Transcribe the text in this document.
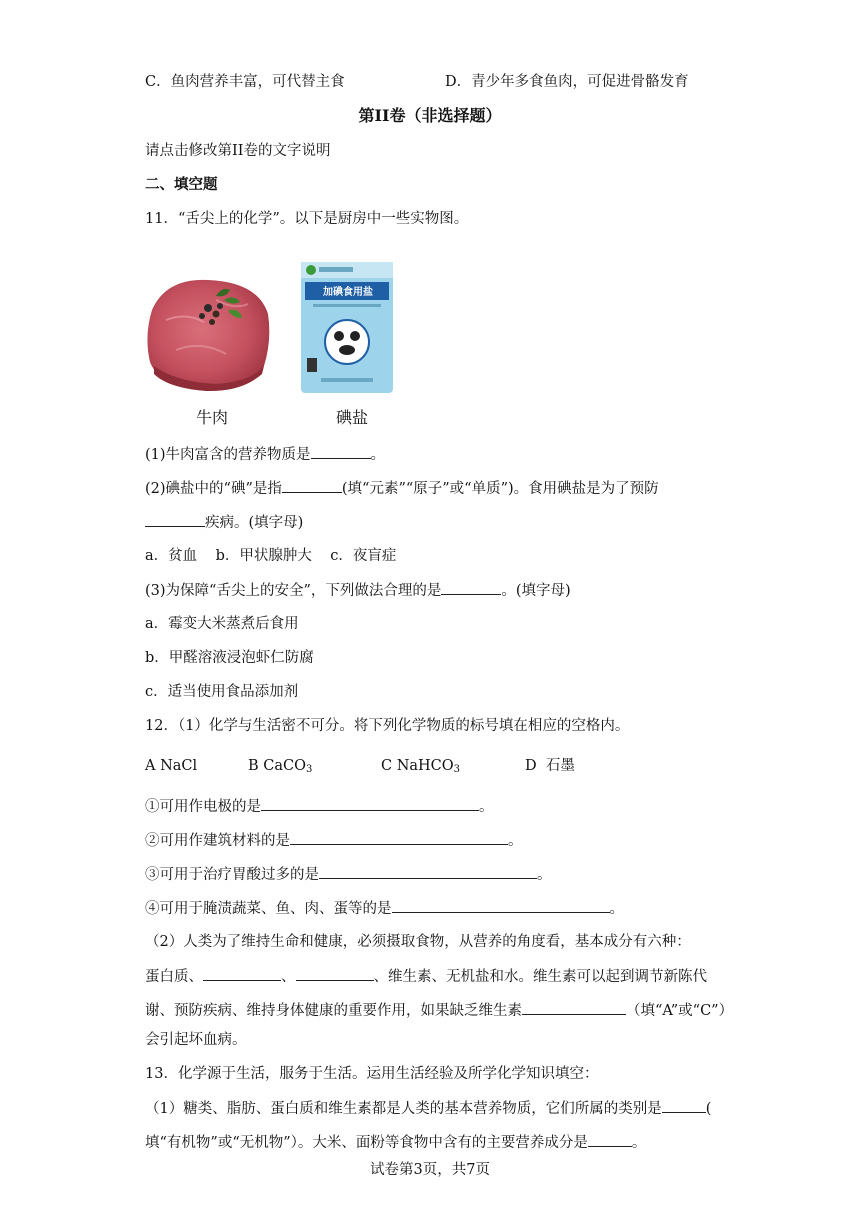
C．鱼肉营养丰富，可代替主食	D．青少年多食鱼肉，可促进骨骼发育
第II卷（非选择题）
请点击修改第II卷的文字说明
二、填空题
11．“舌尖上的化学”。以下是厨房中一些实物图。
牛肉
加碘食用盐
碘盐
(1)牛肉富含的营养物质是	。
(2)碘盐中的“碘”是指	(填“元素”“原子”或“单质”)。食用碘盐是为了预防
疾病。(填字母)
a．贫血    b．甲状腺肿大    c．夜盲症
(3)为保障“舌尖上的安全”，下列做法合理的是	。(填字母)
a．霉变大米蒸煮后食用
b．甲醛溶液浸泡虾仁防腐
c．适当使用食品添加剂
12．（1）化学与生活密不可分。将下列化学物质的标号填在相应的空格内。
A NaCl	B CaCO$_3$	C NaHCO$_3$	D  石墨
①可用作电极的是	。
②可用作建筑材料的是	。
③可用于治疗胃酸过多的是	。
④可用于腌渍蔬菜、鱼、肉、蛋等的是	。
（2）人类为了维持生命和健康，必须摄取食物，从营养的角度看，基本成分有六种：
蛋白质、	、	、维生素、无机盐和水。维生素可以起到调节新陈代
谢、预防疾病、维持身体健康的重要作用，如果缺乏维生素	（填“A”或“C”）
会引起坏血病。
13．化学源于生活，服务于生活。运用生活经验及所学化学知识填空：
（1）糖类、脂肪、蛋白质和维生素都是人类的基本营养物质，它们所属的类别是	(
填“有机物”或“无机物”）。大米、面粉等食物中含有的主要营养成分是	。
试卷第3页，共7页
